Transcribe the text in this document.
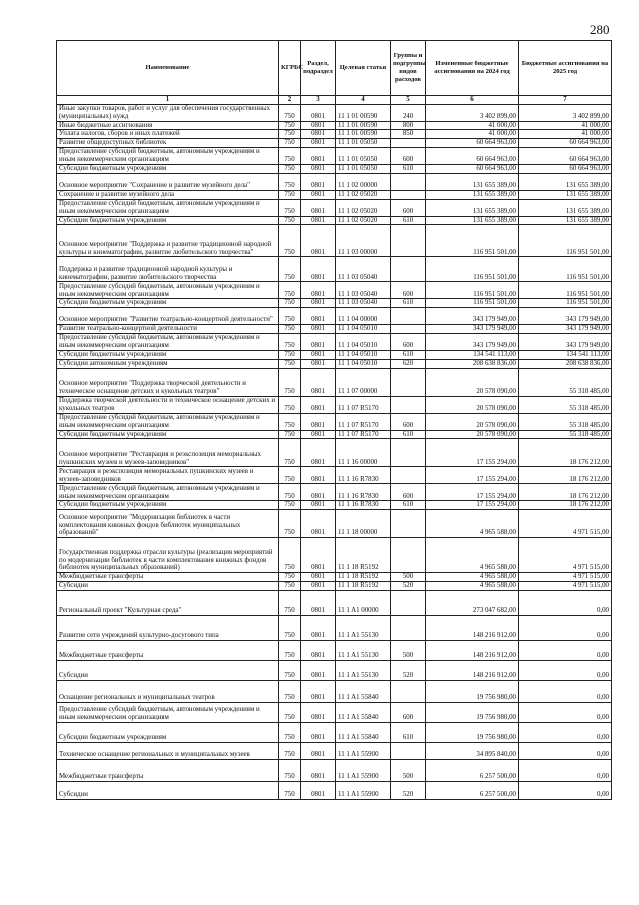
280
Наименование	КГРБС	Раздел, подраздел	Целевая статья	Группы и подгруппы видов расходов	Измененные бюджетные ассигнования на 2024 год	Бюджетные ассигнования на 2025 год
1	2	3	4	5	6	7
Иные закупки товаров, работ и услуг для обеспечения государственных (муниципальных) нужд	750	0801	11 1 01 00590	240	3 402 899,00	3 402 899,00
Иные бюджетные ассигнования	750	0801	11 1 01 00590	800	41 000,00	41 000,00
Уплата налогов, сборов и иных платежей	750	0801	11 1 01 00590	850	41 000,00	41 000,00
Развитие общедоступных библиотек	750	0801	11 1 01 05050		60 664 963,00	60 664 963,00
Предоставление субсидий бюджетным, автономным учреждениям и иным некоммерческим организациям	750	0801	11 1 01 05050	600	60 664 963,00	60 664 963,00
Субсидии бюджетным учреждениям	750	0801	11 1 01 05050	610	60 664 963,00	60 664 963,00
Основное мероприятие "Сохранение и развитие музейного дела"	750	0801	11 1 02 00000		131 655 389,00	131 655 389,00
Сохранение и развитие музейного дела	750	0801	11 1 02 05020		131 655 389,00	131 655 389,00
Предоставление субсидий бюджетным, автономным учреждениям и иным некоммерческим организациям	750	0801	11 1 02 05020	600	131 655 389,00	131 655 389,00
Субсидии бюджетным учреждениям	750	0801	11 1 02 05020	610	131 655 389,00	131 655 389,00
Основное мероприятие "Поддержка и развитие традиционной народной культуры и кинематографии, развитие любительского творчества"	750	0801	11 1 03 00000		116 951 501,00	116 951 501,00
Поддержка и развитие традиционной народной культуры и кинематографии, развитие любительского творчества	750	0801	11 1 03 05040		116 951 501,00	116 951 501,00
Предоставление субсидий бюджетным, автономным учреждениям и иным некоммерческим организациям	750	0801	11 1 03 05040	600	116 951 501,00	116 951 501,00
Субсидии бюджетным учреждениям	750	0801	11 1 03 05040	610	116 951 501,00	116 951 501,00
Основное мероприятие "Развитие театрально-концертной деятельности"	750	0801	11 1 04 00000		343 179 949,00	343 179 949,00
Развитие театрально-концертной деятельности	750	0801	11 1 04 05010		343 179 949,00	343 179 949,00
Предоставление субсидий бюджетным, автономным учреждениям и иным некоммерческим организациям	750	0801	11 1 04 05010	600	343 179 949,00	343 179 949,00
Субсидии бюджетным учреждениям	750	0801	11 1 04 05010	610	134 541 113,00	134 541 113,00
Субсидии автономным учреждениям	750	0801	11 1 04 05010	620	208 638 836,00	208 638 836,00
Основное мероприятие "Поддержка творческой деятельности и техническое оснащение детских и кукольных театров"	750	0801	11 1 07 00000		20 578 090,00	55 318 485,00
Поддержка творческой деятельности и техническое оснащение детских и кукольных театров	750	0801	11 1 07 R5170		20 578 090,00	55 318 485,00
Предоставление субсидий бюджетным, автономным учреждениям и иным некоммерческим организациям	750	0801	11 1 07 R5170	600	20 578 090,00	55 318 485,00
Субсидии бюджетным учреждениям	750	0801	11 1 07 R5170	610	20 578 090,00	55 318 485,00
Основное мероприятие "Реставрация и реэкспозиция мемориальных пушкинских музеев и музеев-заповедников"	750	0801	11 1 16 00000		17 155 294,00	18 176 212,00
Реставрация и реэкспозиция мемориальных пушкинских музеев и музеев-заповедников	750	0801	11 1 16 R7830		17 155 294,00	18 176 212,00
Предоставление субсидий бюджетным, автономным учреждениям и иным некоммерческим организациям	750	0801	11 1 16 R7830	600	17 155 294,00	18 176 212,00
Субсидии бюджетным учреждениям	750	0801	11 1 16 R7830	610	17 155 294,00	18 176 212,00
Основное мероприятие "Модернизация библиотек в части комплектования книжных фондов библиотек муниципальных образований"	750	0801	11 1 18 00000		4 965 588,00	4 971 515,00
Государственная поддержка отрасли культуры (реализация мероприятий по модернизации библиотек в части комплектования книжных фондов библиотек муниципальных образований)	750	0801	11 1 18 R5192		4 965 588,00	4 971 515,00
Межбюджетные трансферты	750	0801	11 1 18 R5192	500	4 965 588,00	4 971 515,00
Субсидии	750	0801	11 1 18 R5192	520	4 965 588,00	4 971 515,00
Региональный проект "Культурная среда"	750	0801	11 1 A1 00000		273 047 682,00	0,00
Развитие сети учреждений культурно-досугового типа	750	0801	11 1 A1 55130		148 216 912,00	0,00
Межбюджетные трансферты	750	0801	11 1 A1 55130	500	148 216 912,00	0,00
Субсидии	750	0801	11 1 A1 55130	520	148 216 912,00	0,00
Оснащение региональных и муниципальных театров	750	0801	11 1 A1 55840		19 756 980,00	0,00
Предоставление субсидий бюджетным, автономным учреждениям и иным некоммерческим организациям	750	0801	11 1 A1 55840	600	19 756 980,00	0,00
Субсидии бюджетным учреждениям	750	0801	11 1 A1 55840	610	19 756 980,00	0,00
Техническое оснащение региональных и муниципальных музеев	750	0801	11 1 A1 55900		34 895 840,00	0,00
Межбюджетные трансферты	750	0801	11 1 A1 55900	500	6 257 500,00	0,00
Субсидии	750	0801	11 1 A1 55900	520	6 257 500,00	0,00
